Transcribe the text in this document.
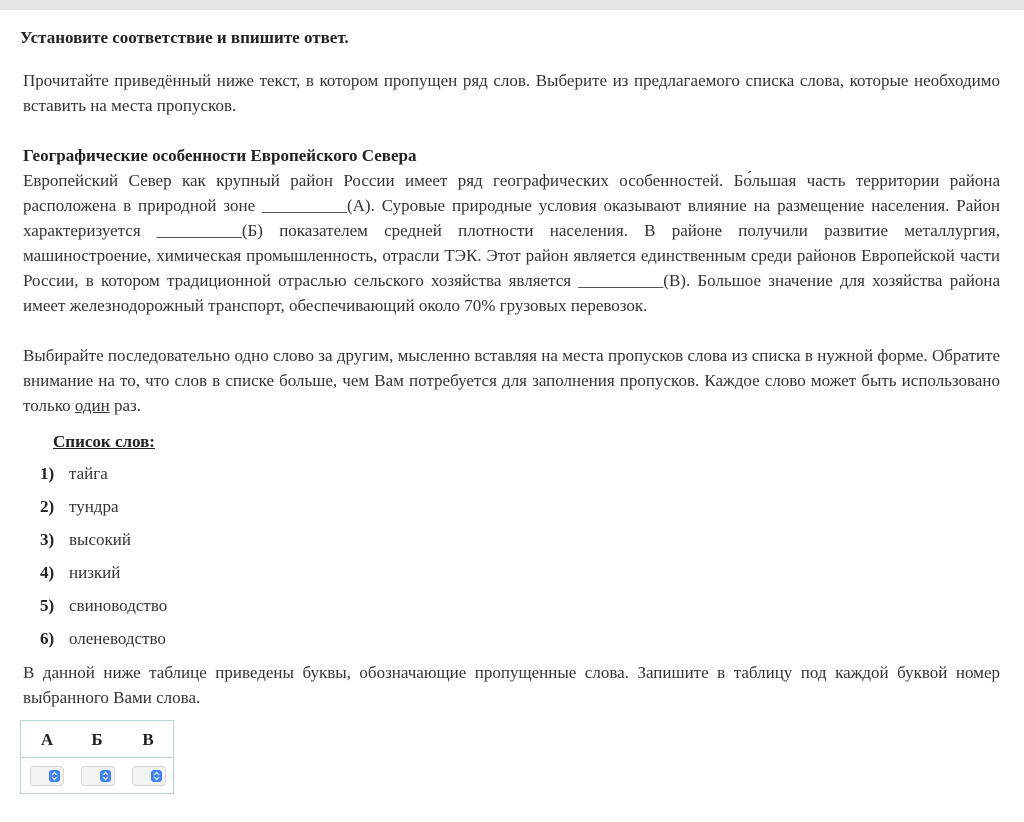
Установите соответствие и впишите ответ.

Прочитайте приведённый ниже текст, в котором пропущен ряд слов. Выберите из предлагаемого списка слова, которые необходимо вставить на места пропусков.

Географические особенности Европейского Севера

Европейский Север как крупный район России имеет ряд географических особенностей. Бо́льшая часть территории района расположена в природной зоне __________(А). Суровые природные условия оказывают влияние на размещение населения. Район характеризуется __________(Б) показателем средней плотности населения. В районе получили развитие металлургия, машиностроение, химическая промышленность, отрасли ТЭК. Этот район является единственным среди районов Европейской части России, в котором традиционной отраслью сельского хозяйства является __________(В). Большое значение для хозяйства района имеет железнодорожный транспорт, обеспечивающий около 70% грузовых перевозок.

Выбирайте последовательно одно слово за другим, мысленно вставляя на места пропусков слова из списка в нужной форме. Обратите внимание на то, что слов в списке больше, чем Вам потребуется для заполнения пропусков. Каждое слово может быть использовано только один раз.

Список слов:
1) тайга
2) тундра
3) высокий
4) низкий
5) свиноводство
6) оленеводство

В данной ниже таблице приведены буквы, обозначающие пропущенные слова. Запишите в таблицу под каждой буквой номер выбранного Вами слова.

А	Б	В
